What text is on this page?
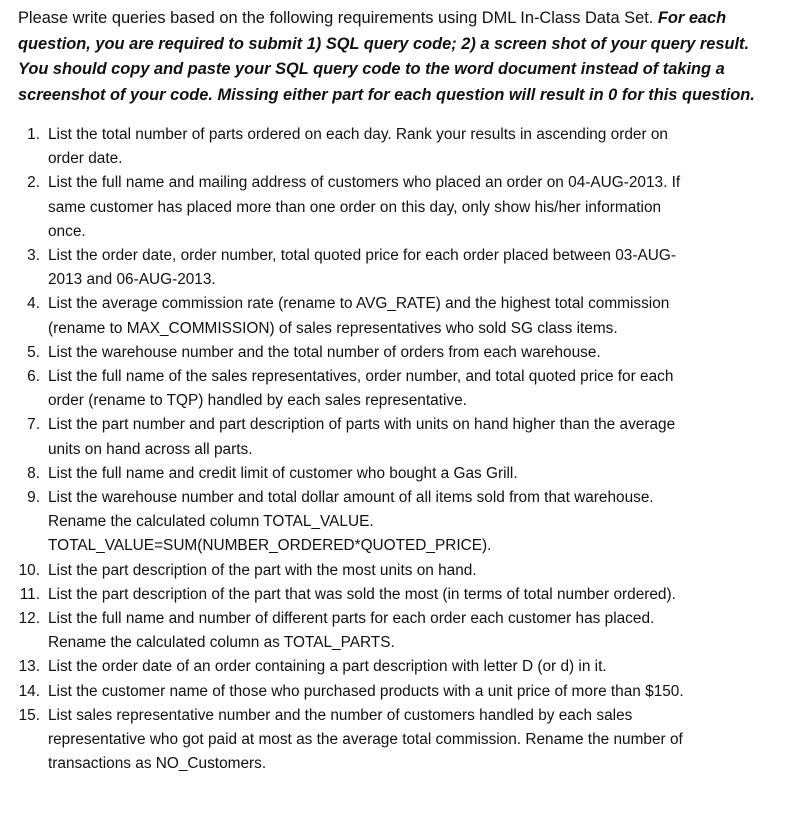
Please write queries based on the following requirements using DML In-Class Data Set. For each question, you are required to submit 1) SQL query code; 2) a screen shot of your query result. You should copy and paste your SQL query code to the word document instead of taking a screenshot of your code. Missing either part for each question will result in 0 for this question.

1. List the total number of parts ordered on each day. Rank your results in ascending order on
order date.
2. List the full name and mailing address of customers who placed an order on 04-AUG-2013. If
same customer has placed more than one order on this day, only show his/her information
once.
3. List the order date, order number, total quoted price for each order placed between 03-AUG-
2013 and 06-AUG-2013.
4. List the average commission rate (rename to AVG_RATE) and the highest total commission
(rename to MAX_COMMISSION) of sales representatives who sold SG class items.
5. List the warehouse number and the total number of orders from each warehouse.
6. List the full name of the sales representatives, order number, and total quoted price for each
order (rename to TQP) handled by each sales representative.
7. List the part number and part description of parts with units on hand higher than the average
units on hand across all parts.
8. List the full name and credit limit of customer who bought a Gas Grill.
9. List the warehouse number and total dollar amount of all items sold from that warehouse.
Rename the calculated column TOTAL_VALUE.
TOTAL_VALUE=SUM(NUMBER_ORDERED*QUOTED_PRICE).
10. List the part description of the part with the most units on hand.
11. List the part description of the part that was sold the most (in terms of total number ordered).
12. List the full name and number of different parts for each order each customer has placed.
Rename the calculated column as TOTAL_PARTS.
13. List the order date of an order containing a part description with letter D (or d) in it.
14. List the customer name of those who purchased products with a unit price of more than $150.
15. List sales representative number and the number of customers handled by each sales
representative who got paid at most as the average total commission. Rename the number of
transactions as NO_Customers.
